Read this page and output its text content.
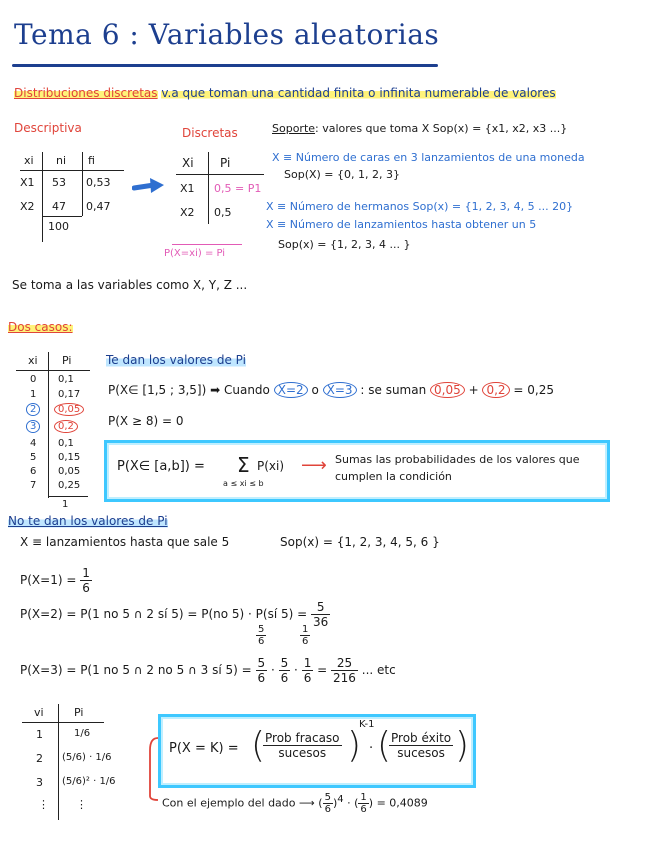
Tema 6 : Variables aleatorias
Distribuciones discretas v.a que toman una cantidad finita o infinita numerable de valores
Descriptiva	Discretas
xi ni fi
X1 53 0,53
X2 47 0,47
100
Xi Pi
X1 0,5 = P1
X2 0,5
P(X=xi) = Pi
Soporte: valores que toma X Sop(x) = {x1, x2, x3 ...}
X ≡ Número de caras en 3 lanzamientos de una moneda
Sop(X) = {0, 1, 2, 3}
X ≡ Número de hermanos Sop(x) = {1, 2, 3, 4, 5 ... 20}
X ≡ Número de lanzamientos hasta obtener un 5
Sop(x) = {1, 2, 3, 4 ... }
Se toma a las variables como X, Y, Z ...
Dos casos:
xi Pi
0 0,1
1 0,17
2	0,05
3	0,2
4 0,1
5 0,15
6 0,05
7 0,25
1
Te dan los valores de Pi
P(X∈ [1,5 ; 3,5]) ➡ Cuando X=2 o X=3 : se suman 0,05 + 0,2 = 0,25
P(X ≥ 8) = 0
P(X∈ [a,b]) = Σ
a ≤ xi ≤ b
P(xi) ⟶ Sumas las probabilidades de los valores que
cumplen la condición
No te dan los valores de Pi
X ≡ lanzamientos hasta que sale 5	Sop(x) = {1, 2, 3, 4, 5, 6 }
$P(X=1) = \frac{1}{6}$
P(X=2) = P(1 no 5 ∩ 2 sí 5) = P(no 5) · P(sí $5) = \frac{5}{36}$
$\frac{5}{6}$	$\frac{1}{6}$
P(X=3) = P(1 no 5 ∩ 2 no 5 ∩ 3 sí $5) = \frac{5}{6} \cdot \frac{5}{6} \cdot \frac{1}{6} = \frac{25}{216}$ ... etc
vi	Pi
1	1/6
2 (5/6) · 1/6
3 (5/6)² · 1/6
⋮ ⋮
P(X = K) = (
$\frac{\text{Prob fracaso}}{\text{sucesos}}$ )
K-1
· (
$\frac{\text{Prob éxito}}{\text{sucesos}}$ )
Con el ejemplo del dado ⟶ ( $\frac{5}{6} )^4$ · ( $\frac{1}{6}$ ) = 0,4089
